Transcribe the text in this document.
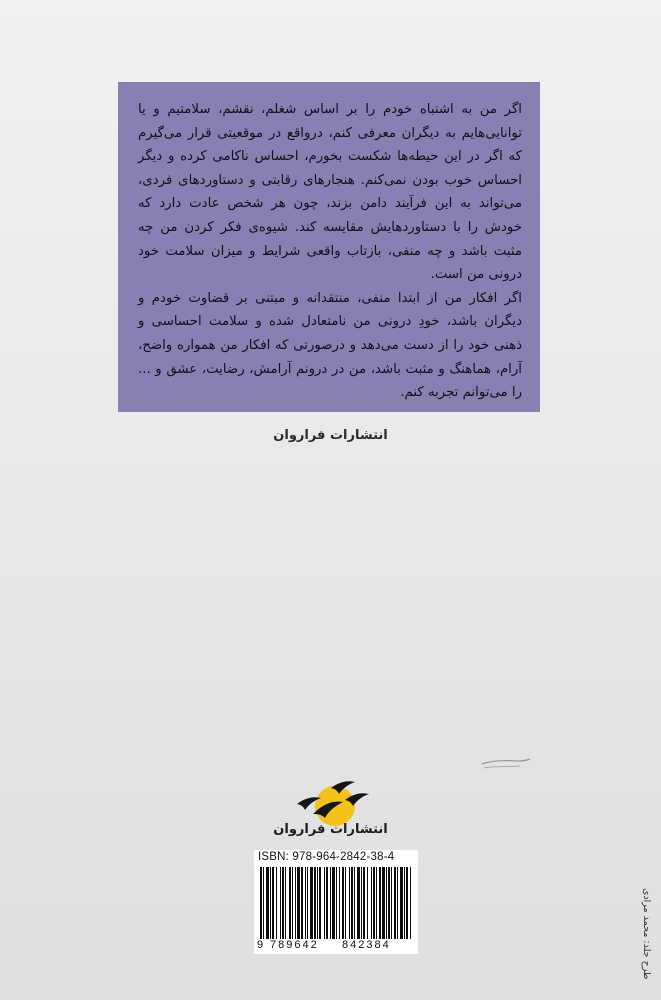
اگر من به اشتباه خودم را بر اساس شغلم، نقشم، سلامتیم و یا توانایی‌هایم به دیگران معرفی کنم، درواقع در موقعیتی قرار می‌گیرم که اگر در این حیطه‌ها شکست بخورم، احساس ناکامی کرده و دیگر احساس خوب بودن نمی‌کنم. هنجارهای رقابتی و دستاوردهای فردی، می‌تواند به این فرآیند دامن بزند، چون هر شخص عادت دارد که خودش را با دستاوردهایش مقایسه کند. شیوه‌ی فکر کردن من چه مثبت باشد و چه منفی، بازتاب واقعی شرایط و میزان سلامت خود درونی من است.

اگر افکار من از ابتدا منفی، منتقدانه و مبتنی بر قضاوت خودم و دیگران باشد، خودِ درونی من نامتعادل شده و سلامت احساسی و ذهنی خود را از دست می‌دهد و درصورتی که افکار من همواره واضح، آرام، هماهنگ و مثبت باشد، من در درونم آرامش، رضایت، عشق و ... را می‌توانم تجربه کنم.

انتشارات فراروان
انتشارات فراروان
ISBN: 978-964-2842-38-4
9 789642 842384	طرح جلد: محمد مرادی
